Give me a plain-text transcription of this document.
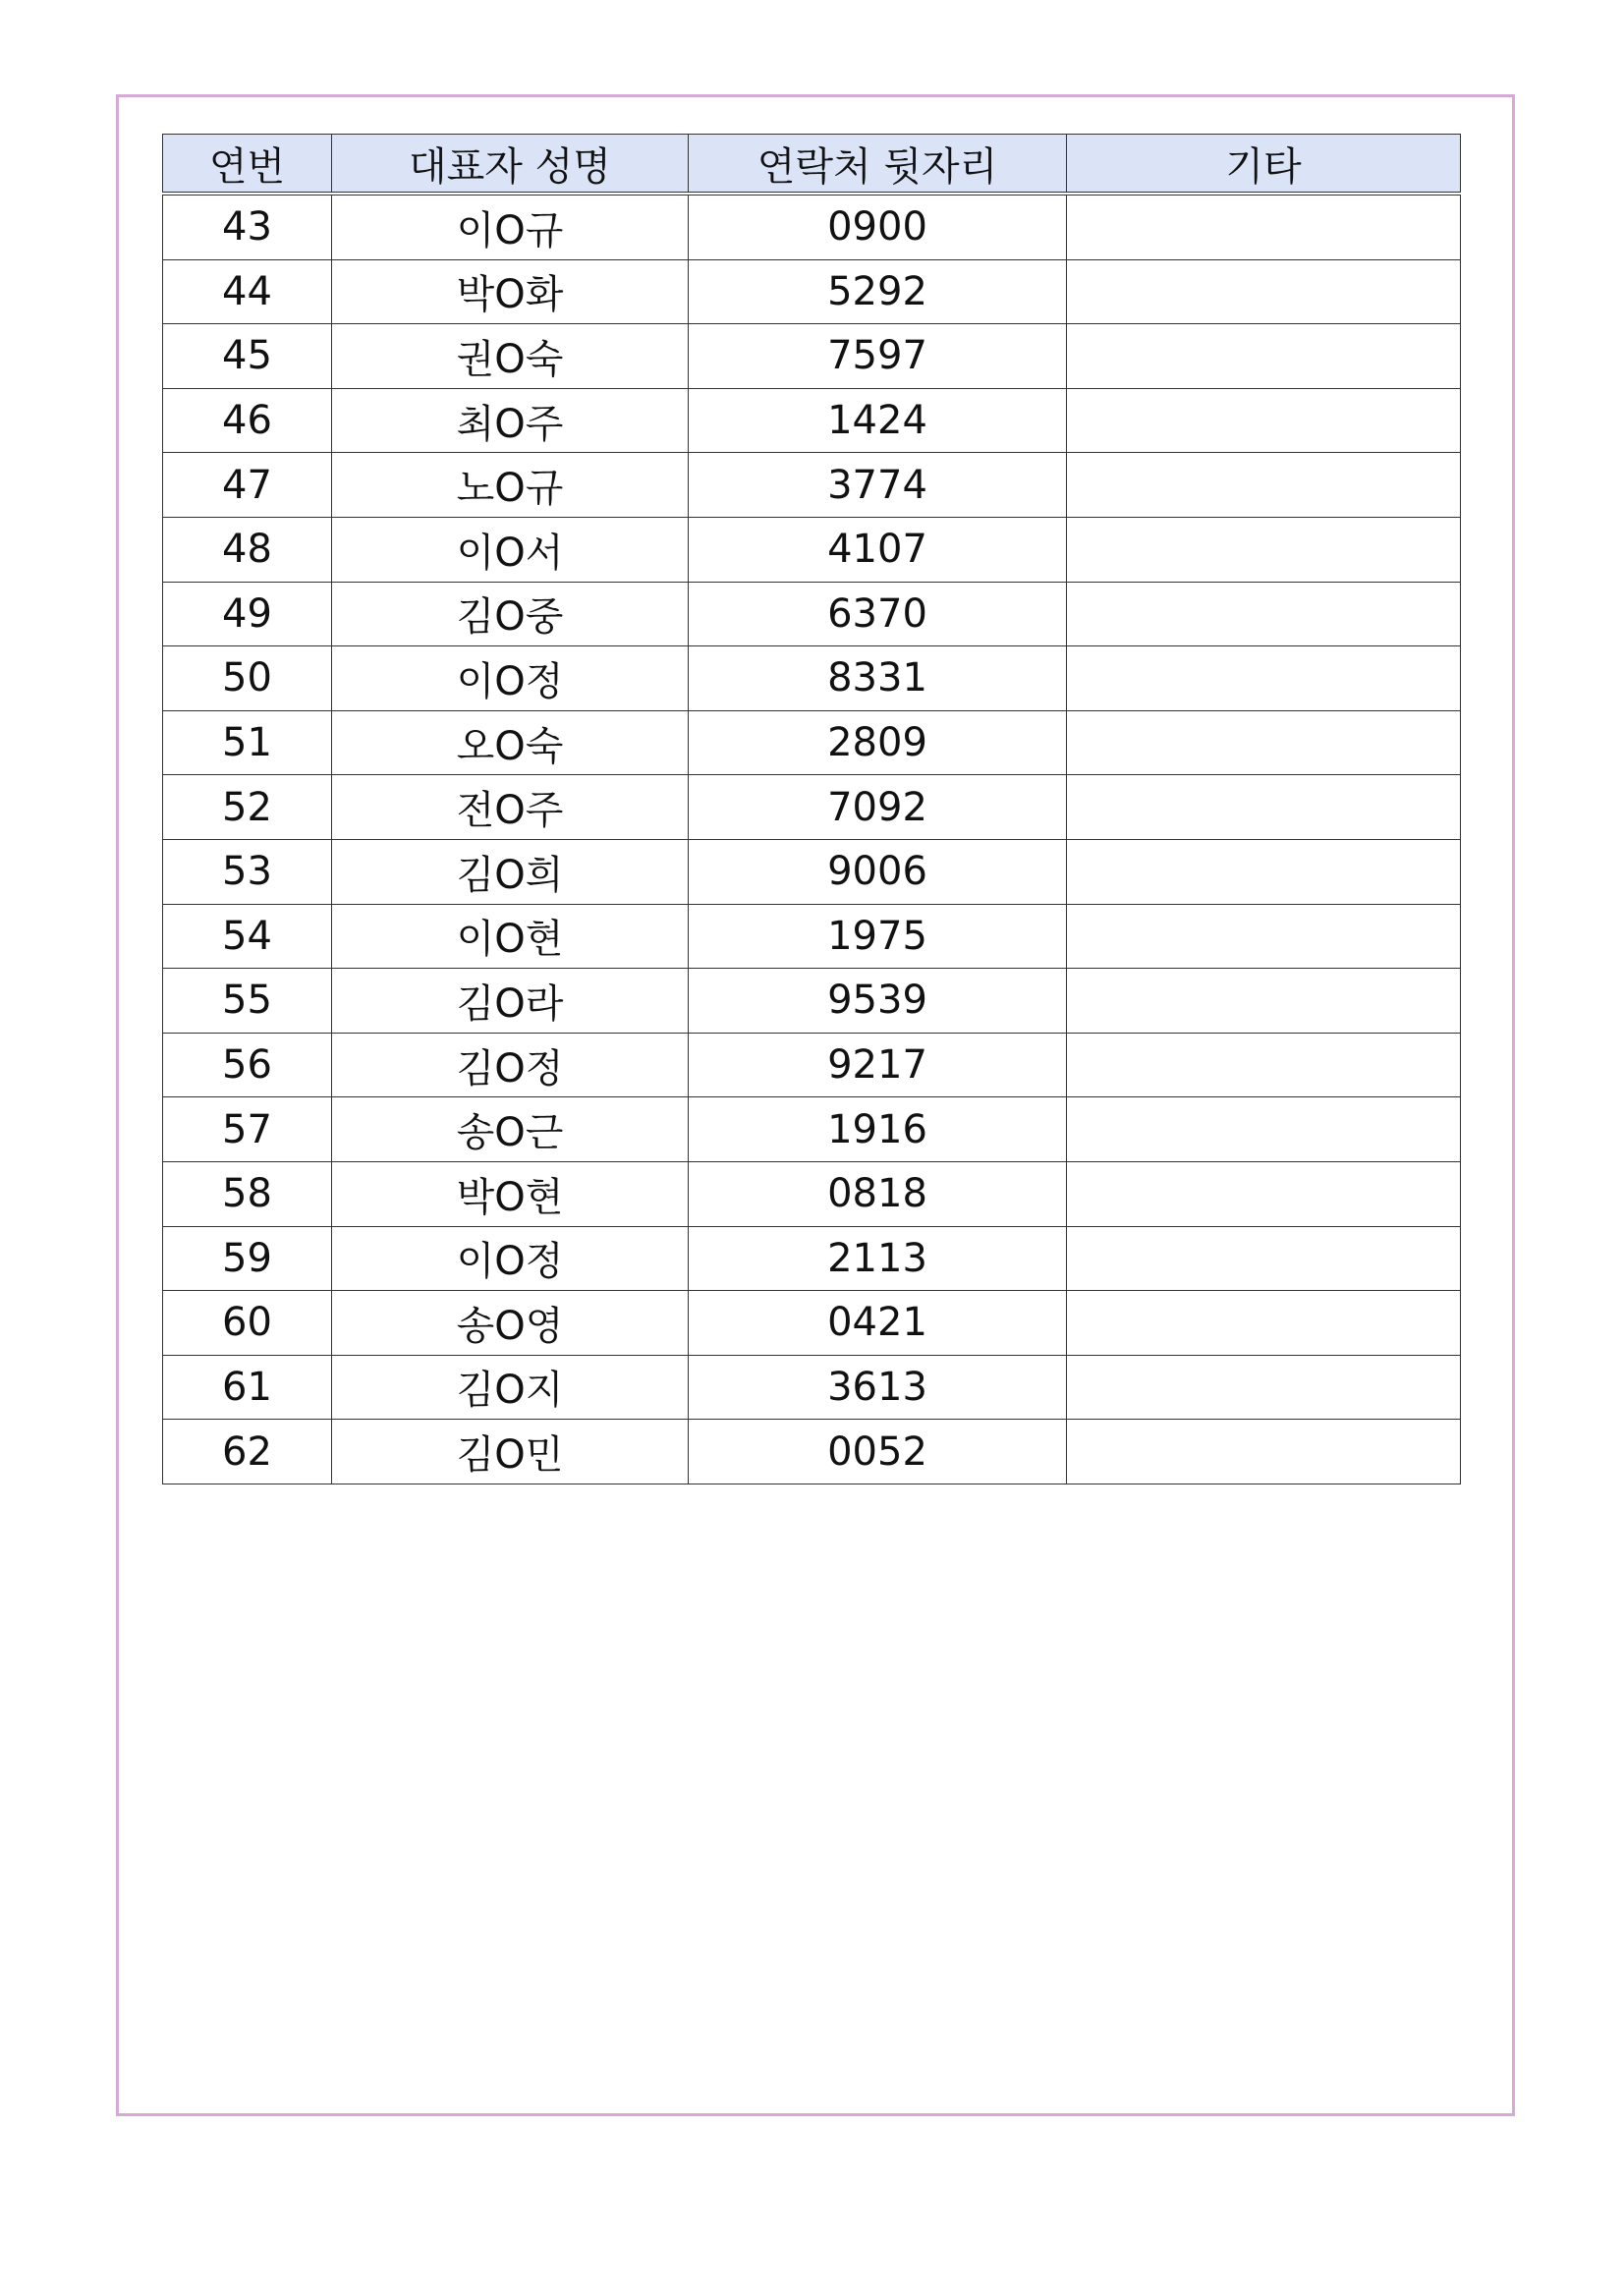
연번	대표자 성명	연락처 뒷자리	기타
43	이O규	0900	
44	박O화	5292	
45	권O숙	7597	
46	최O주	1424	
47	노O규	3774	
48	이O서	4107	
49	김O중	6370	
50	이O정	8331	
51	오O숙	2809	
52	전O주	7092	
53	김O희	9006	
54	이O현	1975	
55	김O라	9539	
56	김O정	9217	
57	송O근	1916	
58	박O현	0818	
59	이O정	2113	
60	송O영	0421	
61	김O지	3613	
62	김O민	0052	
